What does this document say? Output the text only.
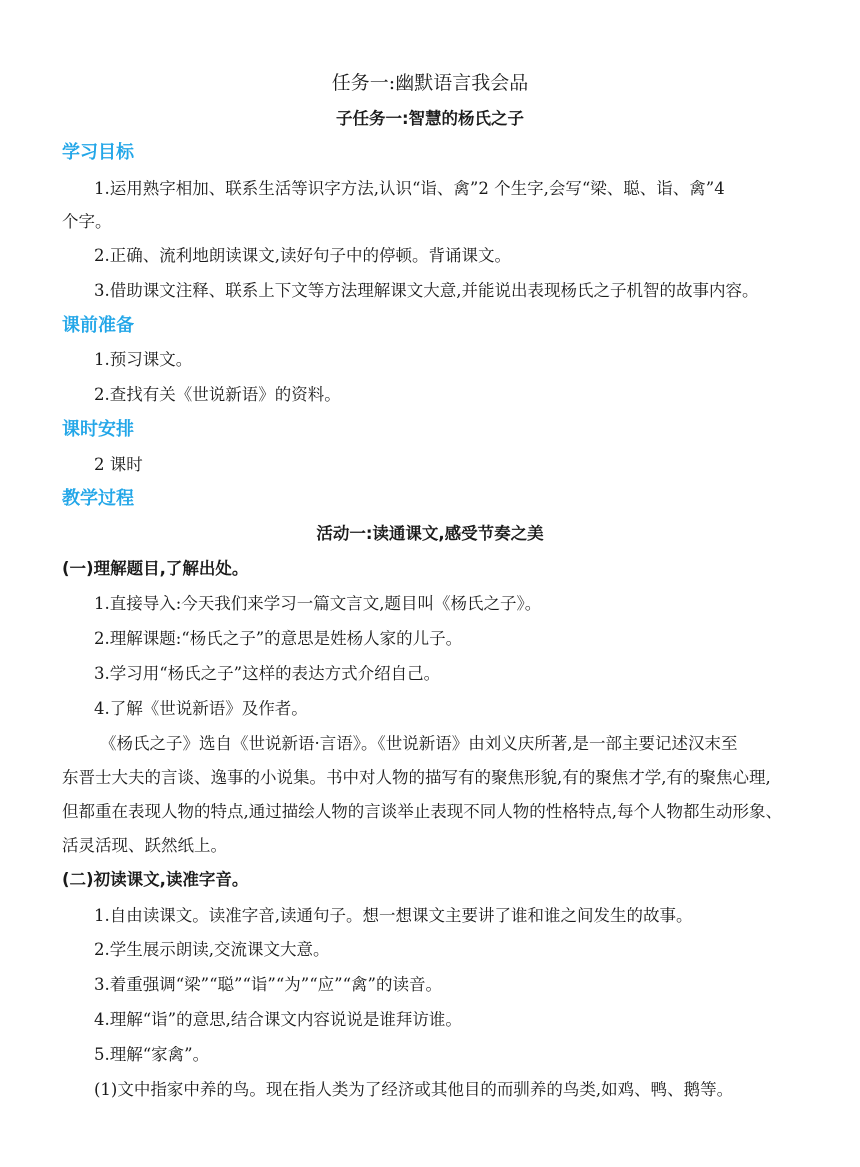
任务一:幽默语言我会品
子任务一:智慧的杨氏之子
学习目标
1.运用熟字相加、联系生活等识字方法,认识“诣、禽”2 个生字,会写“梁、聪、诣、禽”4
个字。
2.正确、流利地朗读课文,读好句子中的停顿。背诵课文。
3.借助课文注释、联系上下文等方法理解课文大意,并能说出表现杨氏之子机智的故事内容。
课前准备
1.预习课文。
2.查找有关《世说新语》的资料。
课时安排
2 课时
教学过程
活动一:读通课文,感受节奏之美
(一)理解题目,了解出处。
1.直接导入:今天我们来学习一篇文言文,题目叫《杨氏之子》。
2.理解课题:“杨氏之子”的意思是姓杨人家的儿子。
3.学习用“杨氏之子”这样的表达方式介绍自己。
4.了解《世说新语》及作者。
《杨氏之子》选自《世说新语·言语》。《世说新语》由刘义庆所著,是一部主要记述汉末至
东晋士大夫的言谈、逸事的小说集。书中对人物的描写有的聚焦形貌,有的聚焦才学,有的聚焦心理,
但都重在表现人物的特点,通过描绘人物的言谈举止表现不同人物的性格特点,每个人物都生动形象、
活灵活现、跃然纸上。
(二)初读课文,读准字音。
1.自由读课文。读准字音,读通句子。想一想课文主要讲了谁和谁之间发生的故事。
2.学生展示朗读,交流课文大意。
3.着重强调“梁”“聪”“诣”“为”“应”“禽”的读音。
4.理解“诣”的意思,结合课文内容说说是谁拜访谁。
5.理解“家禽”。
(1)文中指家中养的鸟。现在指人类为了经济或其他目的而驯养的鸟类,如鸡、鸭、鹅等。
